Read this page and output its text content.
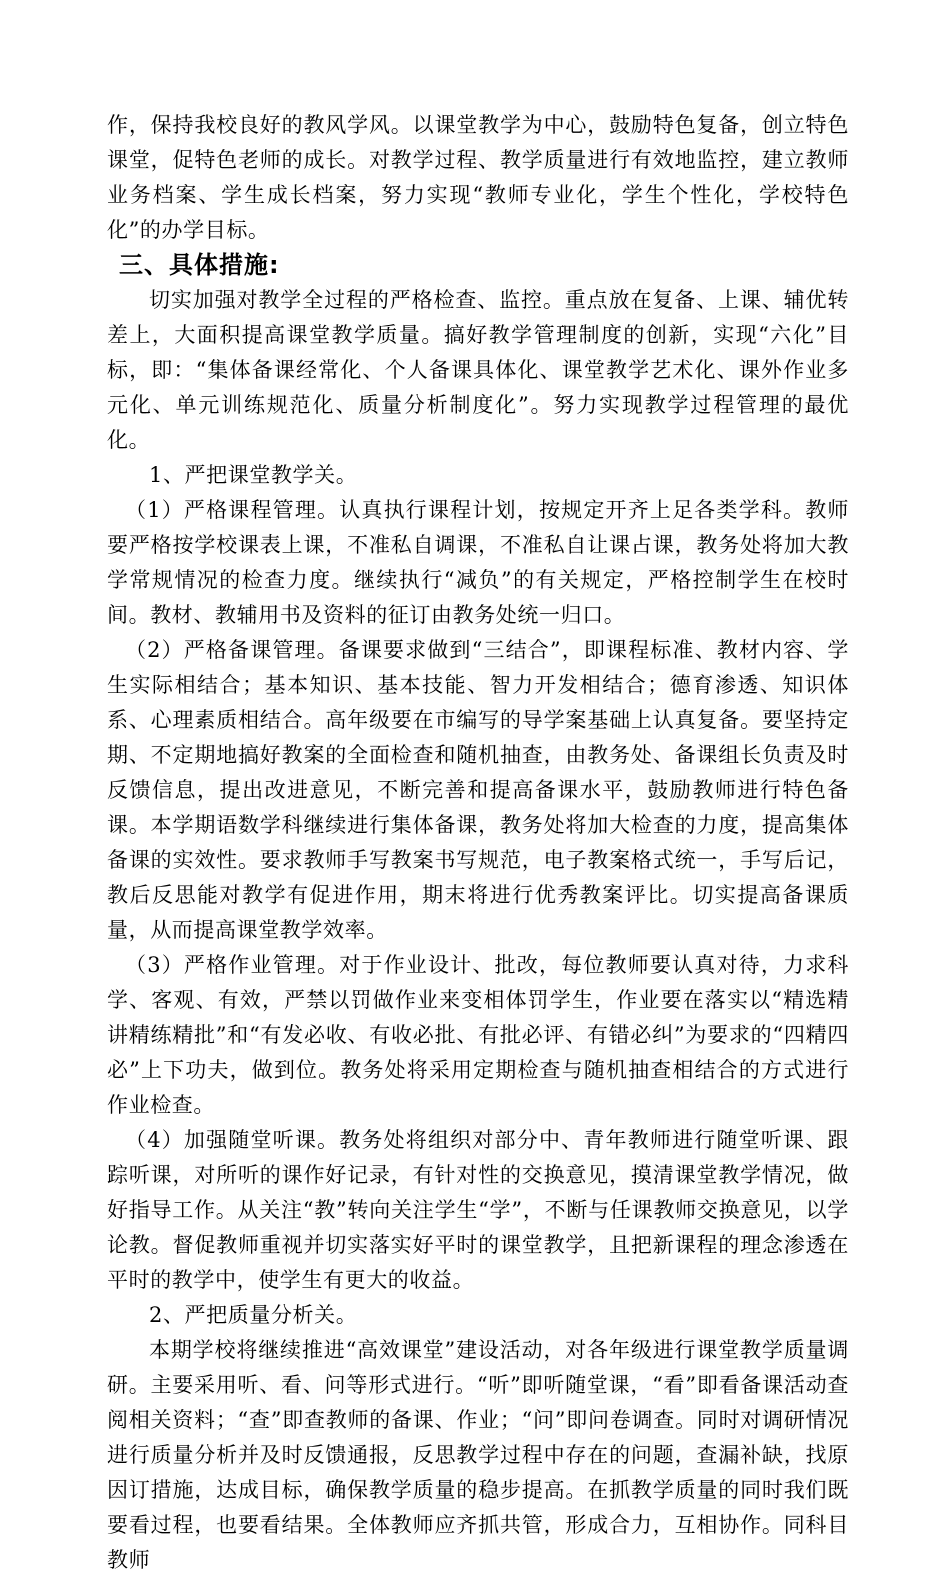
作，保持我校良好的教风学风。以课堂教学为中心，鼓励特色复备，创立特色课堂，促特色老师的成长。对教学过程、教学质量进行有效地监控，建立教师业务档案、学生成长档案，努力实现“教师专业化，学生个性化，学校特色化”的办学目标。

三、具体措施:

切实加强对教学全过程的严格检查、监控。重点放在复备、上课、辅优转差上，大面积提高课堂教学质量。搞好教学管理制度的创新，实现“六化”目标，即：“集体备课经常化、个人备课具体化、课堂教学艺术化、课外作业多元化、单元训练规范化、质量分析制度化”。努力实现教学过程管理的最优化。

1、严把课堂教学关。

（1）严格课程管理。认真执行课程计划，按规定开齐上足各类学科。教师要严格按学校课表上课，不准私自调课，不准私自让课占课，教务处将加大教学常规情况的检查力度。继续执行“减负”的有关规定，严格控制学生在校时间。教材、教辅用书及资料的征订由教务处统一归口。

（2）严格备课管理。备课要求做到“三结合”，即课程标准、教材内容、学生实际相结合；基本知识、基本技能、智力开发相结合；德育渗透、知识体系、心理素质相结合。高年级要在市编写的导学案基础上认真复备。要坚持定期、不定期地搞好教案的全面检查和随机抽查，由教务处、备课组长负责及时反馈信息，提出改进意见，不断完善和提高备课水平，鼓励教师进行特色备课。本学期语数学科继续进行集体备课，教务处将加大检查的力度，提高集体备课的实效性。要求教师手写教案书写规范，电子教案格式统一，手写后记，教后反思能对教学有促进作用，期末将进行优秀教案评比。切实提高备课质量，从而提高课堂教学效率。

（3）严格作业管理。对于作业设计、批改，每位教师要认真对待，力求科学、客观、有效，严禁以罚做作业来变相体罚学生，作业要在落实以“精选精讲精练精批”和“有发必收、有收必批、有批必评、有错必纠”为要求的“四精四必”上下功夫，做到位。教务处将采用定期检查与随机抽查相结合的方式进行作业检查。

（4）加强随堂听课。教务处将组织对部分中、青年教师进行随堂听课、跟踪听课，对所听的课作好记录，有针对性的交换意见，摸清课堂教学情况，做好指导工作。从关注“教”转向关注学生“学”，不断与任课教师交换意见，以学论教。督促教师重视并切实落实好平时的课堂教学，且把新课程的理念渗透在平时的教学中，使学生有更大的收益。

2、严把质量分析关。

本期学校将继续推进“高效课堂”建设活动，对各年级进行课堂教学质量调研。主要采用听、看、问等形式进行。“听”即听随堂课，“看”即看备课活动查阅相关资料；“查”即查教师的备课、作业；“问”即问卷调查。同时对调研情况进行质量分析并及时反馈通报，反思教学过程中存在的问题，查漏补缺，找原因订措施，达成目标，确保教学质量的稳步提高。在抓教学质量的同时我们既要看过程，也要看结果。全体教师应齐抓共管，形成合力，互相协作。同科目教师
